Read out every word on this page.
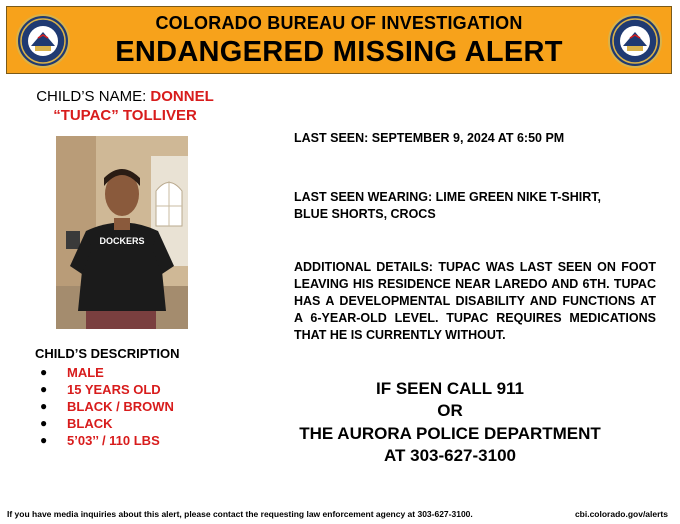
COLORADO BUREAU OF INVESTIGATION
ENDANGERED MISSING ALERT
CHILD’S NAME: DONNEL
“TUPAC” TOLLIVER
DOCKERS
CHILD’S DESCRIPTION
●	MALE
●	15 YEARS OLD
●	BLACK / BROWN
●	BLACK
●	5’03’’ / 110 LBS
LAST SEEN: SEPTEMBER 9, 2024 AT 6:50 PM
LAST SEEN WEARING: LIME GREEN NIKE T-SHIRT,
BLUE SHORTS, CROCS
ADDITIONAL DETAILS: TUPAC WAS LAST SEEN ON FOOT LEAVING HIS RESIDENCE NEAR LAREDO AND 6TH. TUPAC HAS A DEVELOPMENTAL DISABILITY AND FUNCTIONS AT A 6-YEAR-OLD LEVEL. TUPAC REQUIRES MEDICATIONS THAT HE IS CURRENTLY WITHOUT.
IF SEEN CALL 911
OR
THE AURORA POLICE DEPARTMENT
AT 303-627-3100
If you have media inquiries about this alert, please contact the requesting law enforcement agency at 303-627-3100.	cbi.colorado.gov/alerts
